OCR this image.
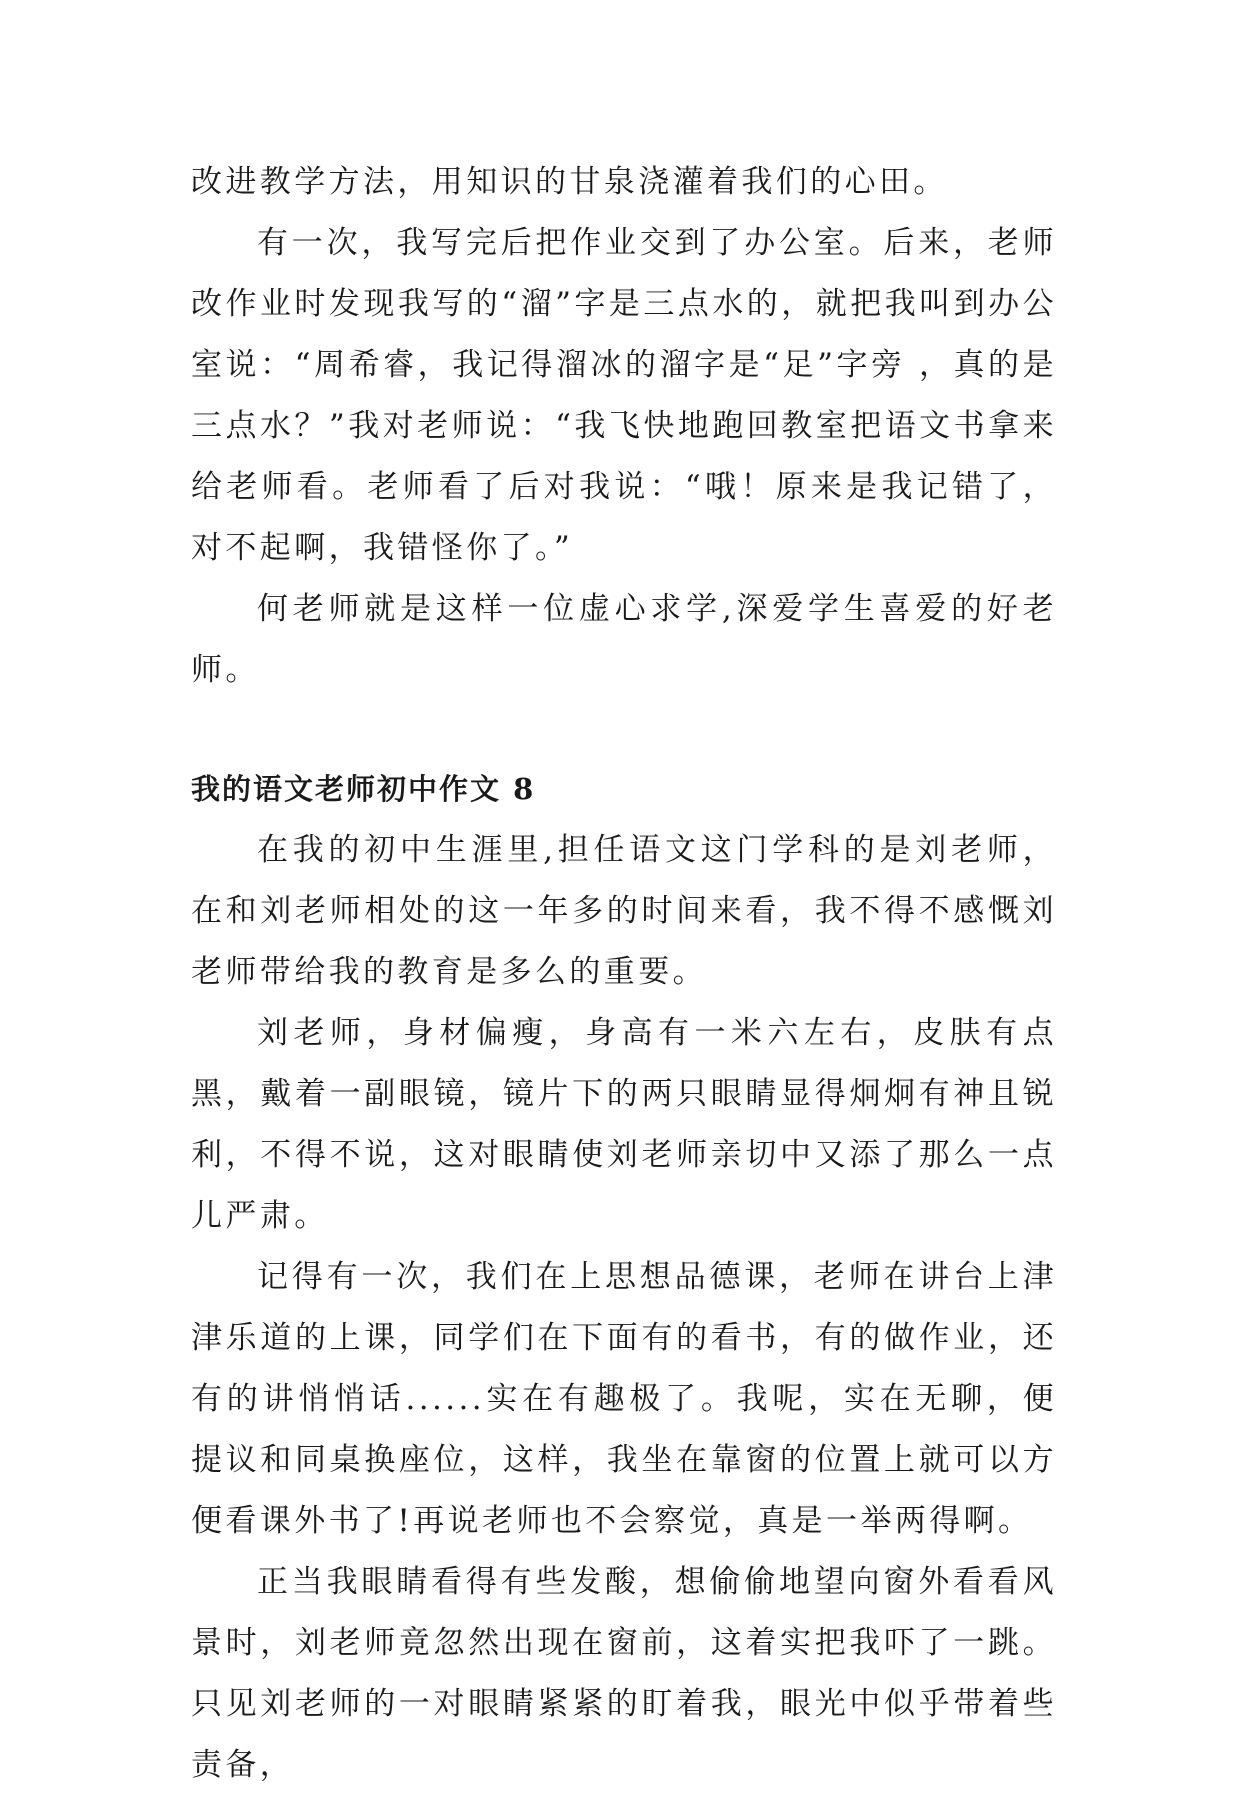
改进教学方法，用知识的甘泉浇灌着我们的心田。

有一次，我写完后把作业交到了办公室。后来，老师改作业时发现我写的“溜”字是三点水的，就把我叫到办公室说：“周希睿，我记得溜冰的溜字是“足”字旁 ，真的是三点水？”我对老师说：“我飞快地跑回教室把语文书拿来给老师看。老师看了后对我说：“哦！原来是我记错了，对不起啊，我错怪你了。”

何老师就是这样一位虚心求学,深爱学生喜爱的好老师。

我的语文老师初中作文 8

在我的初中生涯里,担任语文这门学科的是刘老师，在和刘老师相处的这一年多的时间来看，我不得不感慨刘老师带给我的教育是多么的重要。

刘老师，身材偏瘦，身高有一米六左右，皮肤有点黑，戴着一副眼镜，镜片下的两只眼睛显得炯炯有神且锐利，不得不说，这对眼睛使刘老师亲切中又添了那么一点儿严肃。

记得有一次，我们在上思想品德课，老师在讲台上津津乐道的上课，同学们在下面有的看书，有的做作业，还有的讲悄悄话......实在有趣极了。我呢，实在无聊，便提议和同桌换座位，这样，我坐在靠窗的位置上就可以方便看课外书了!再说老师也不会察觉，真是一举两得啊。

正当我眼睛看得有些发酸，想偷偷地望向窗外看看风景时，刘老师竟忽然出现在窗前，这着实把我吓了一跳。只见刘老师的一对眼睛紧紧的盯着我，眼光中似乎带着些责备，
